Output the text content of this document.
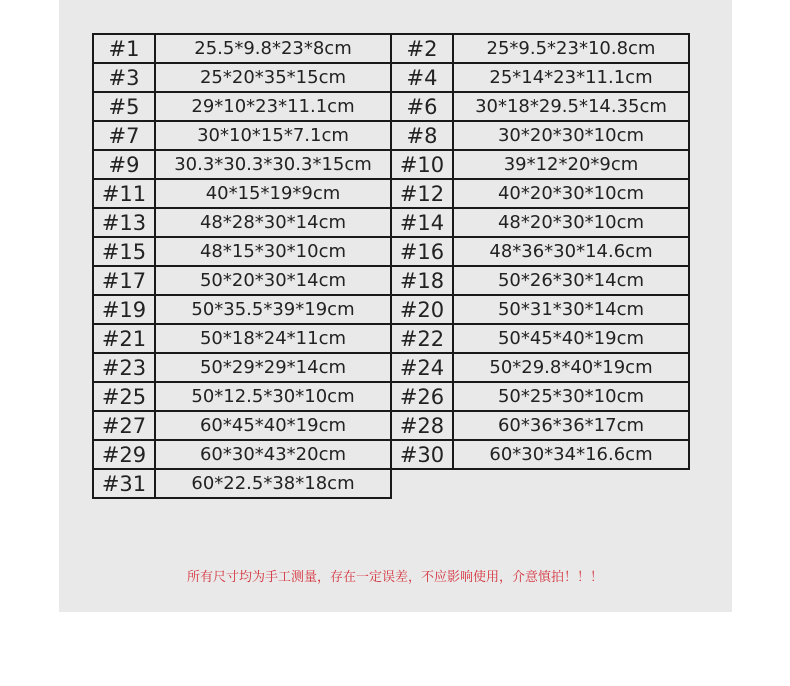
#1	25.5*9.8*23*8cm	#2	25*9.5*23*10.8cm
#3	25*20*35*15cm	#4	25*14*23*11.1cm
#5	29*10*23*11.1cm	#6	30*18*29.5*14.35cm
#7	30*10*15*7.1cm	#8	30*20*30*10cm
#9	30.3*30.3*30.3*15cm	#10	39*12*20*9cm
#11	40*15*19*9cm	#12	40*20*30*10cm
#13	48*28*30*14cm	#14	48*20*30*10cm
#15	48*15*30*10cm	#16	48*36*30*14.6cm
#17	50*20*30*14cm	#18	50*26*30*14cm
#19	50*35.5*39*19cm	#20	50*31*30*14cm
#21	50*18*24*11cm	#22	50*45*40*19cm
#23	50*29*29*14cm	#24	50*29.8*40*19cm
#25	50*12.5*30*10cm	#26	50*25*30*10cm
#27	60*45*40*19cm	#28	60*36*36*17cm
#29	60*30*43*20cm	#30	60*30*34*16.6cm
#31	60*22.5*38*18cm		
所有尺寸均为手工测量，存在一定误差，不应影响使用，介意慎拍！！！
